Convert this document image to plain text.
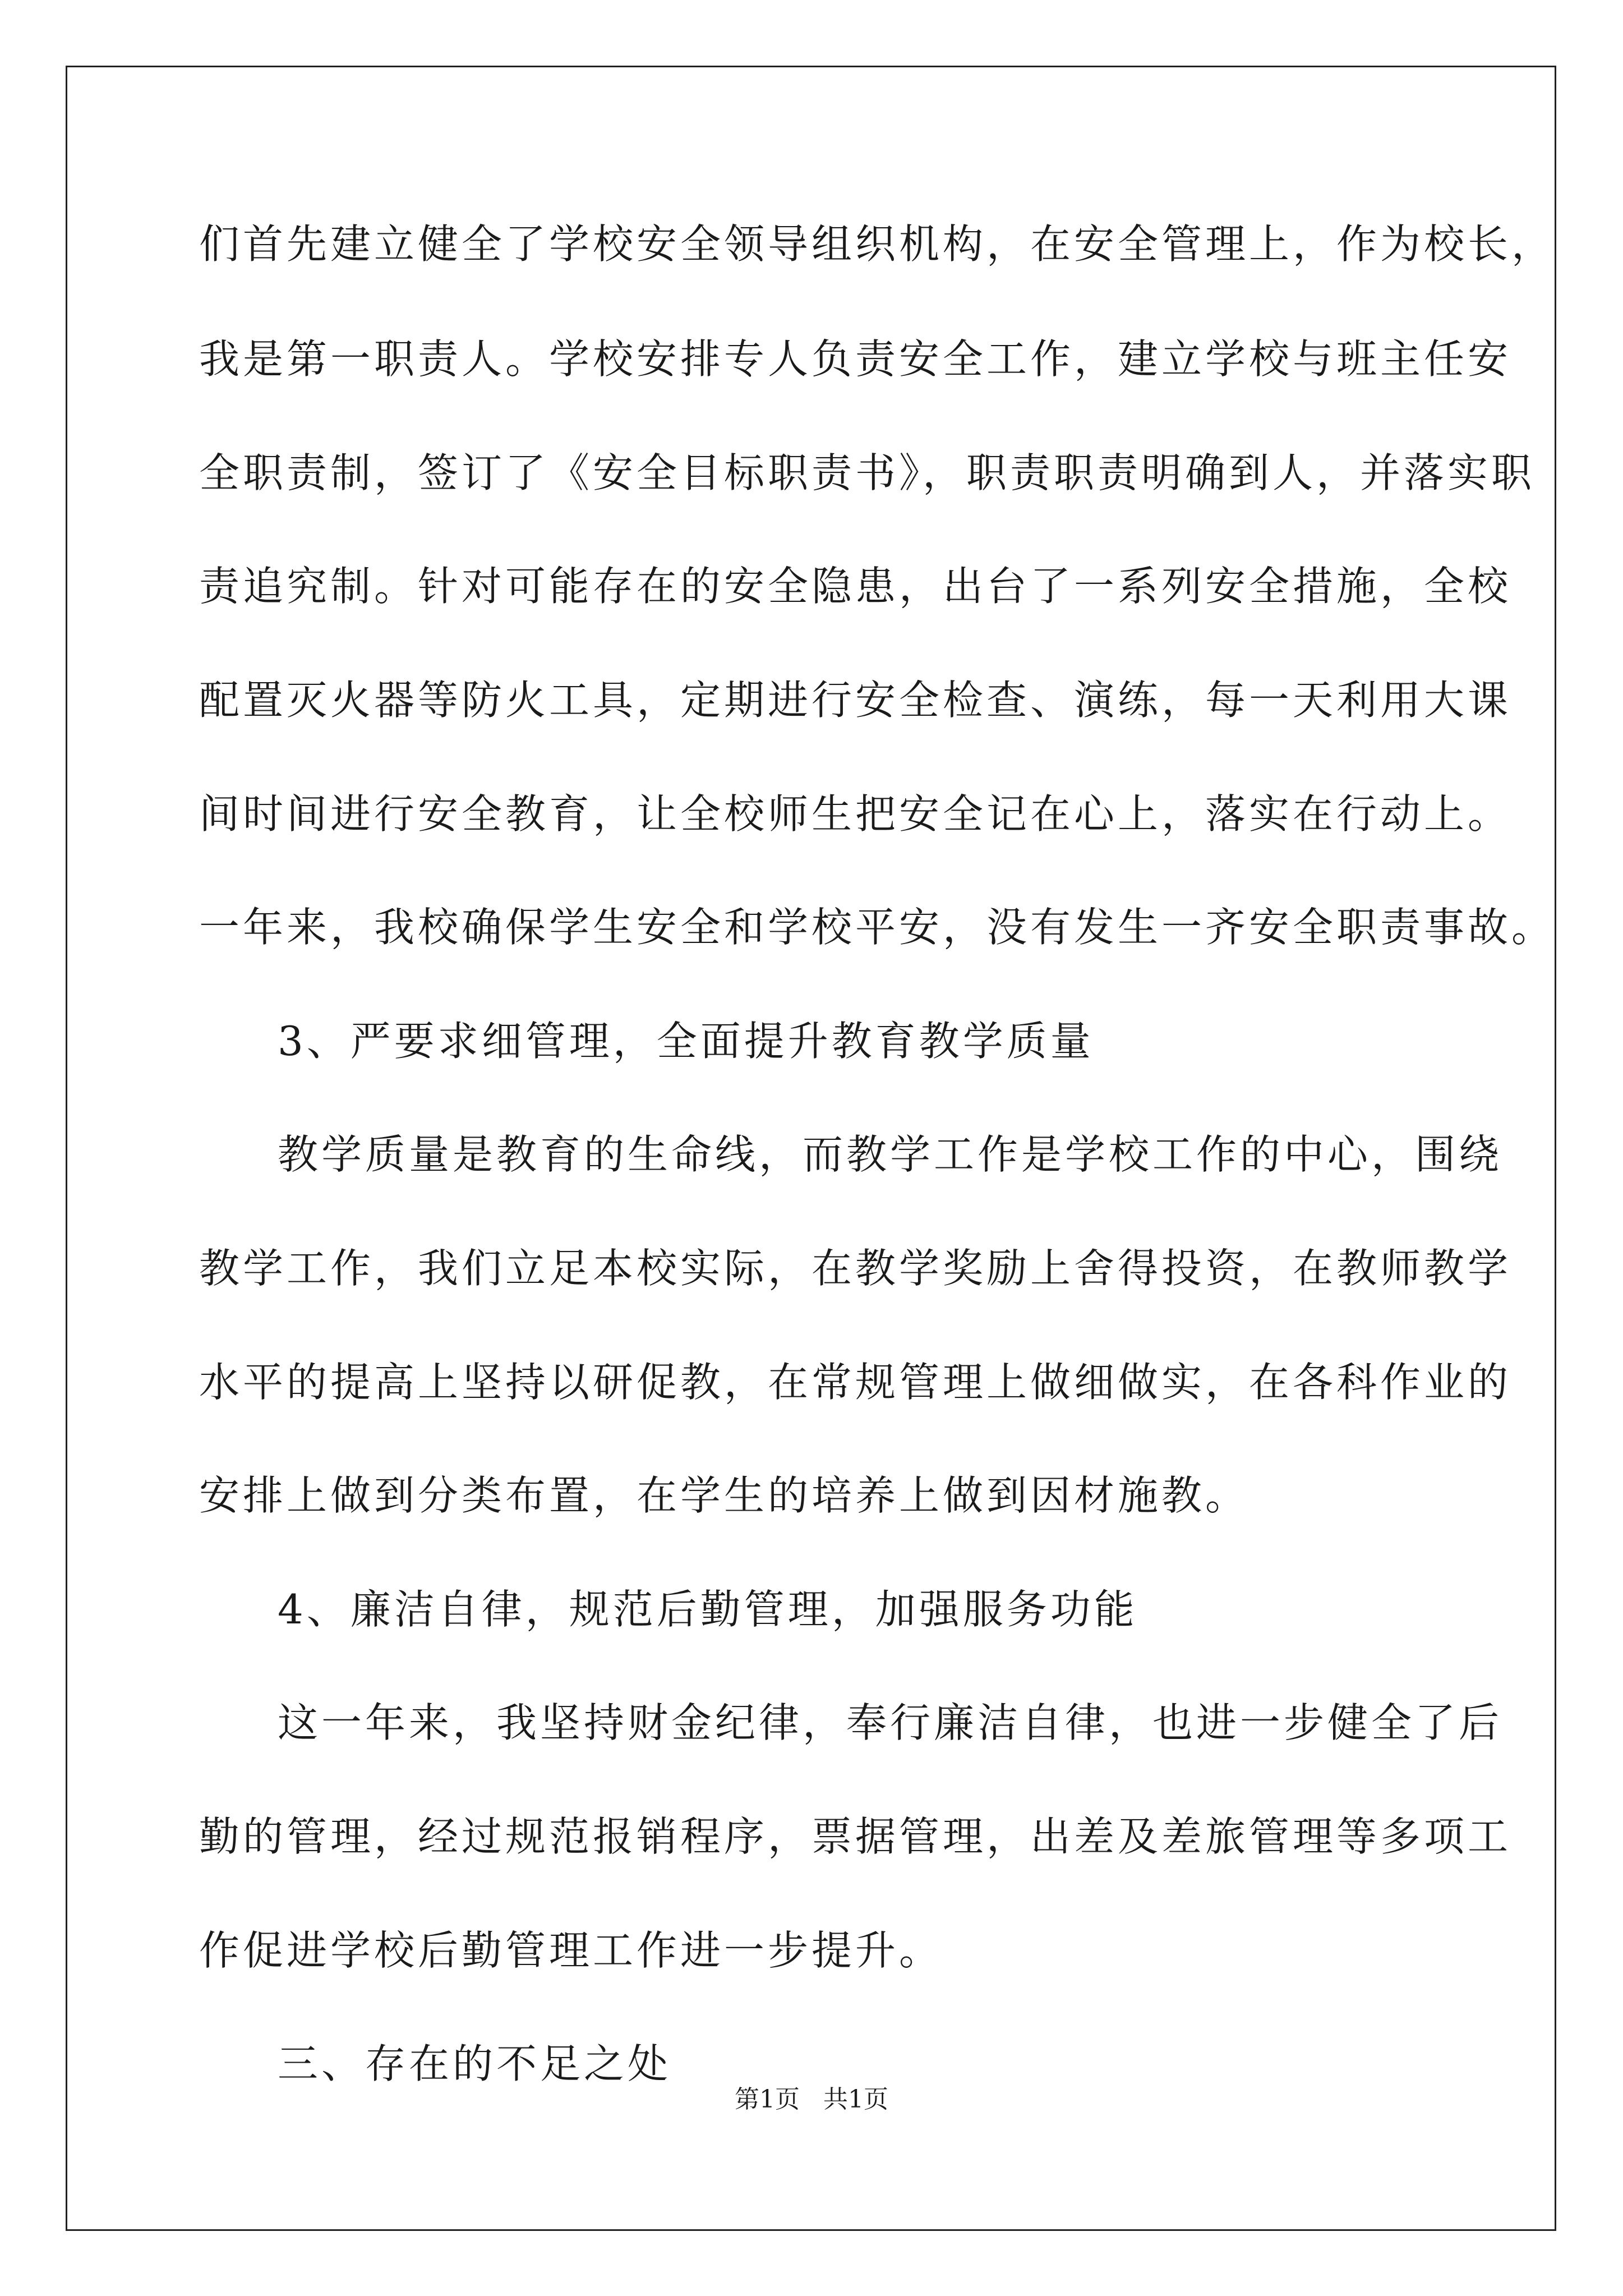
们首先建立健全了学校安全领导组织机构，在安全管理上，作为校长，
我是第一职责人。学校安排专人负责安全工作，建立学校与班主任安
全职责制，签订了《安全目标职责书》，职责职责明确到人，并落实职
责追究制。针对可能存在的安全隐患，出台了一系列安全措施，全校
配置灭火器等防火工具，定期进行安全检查、演练，每一天利用大课
间时间进行安全教育，让全校师生把安全记在心上，落实在行动上。
一年来，我校确保学生安全和学校平安，没有发生一齐安全职责事故。
3、严要求细管理，全面提升教育教学质量
教学质量是教育的生命线，而教学工作是学校工作的中心，围绕
教学工作，我们立足本校实际，在教学奖励上舍得投资，在教师教学
水平的提高上坚持以研促教，在常规管理上做细做实，在各科作业的
安排上做到分类布置，在学生的培养上做到因材施教。
4、廉洁自律，规范后勤管理，加强服务功能
这一年来，我坚持财金纪律，奉行廉洁自律，也进一步健全了后
勤的管理，经过规范报销程序，票据管理，出差及差旅管理等多项工
作促进学校后勤管理工作进一步提升。
三、存在的不足之处
第1页 共1页
